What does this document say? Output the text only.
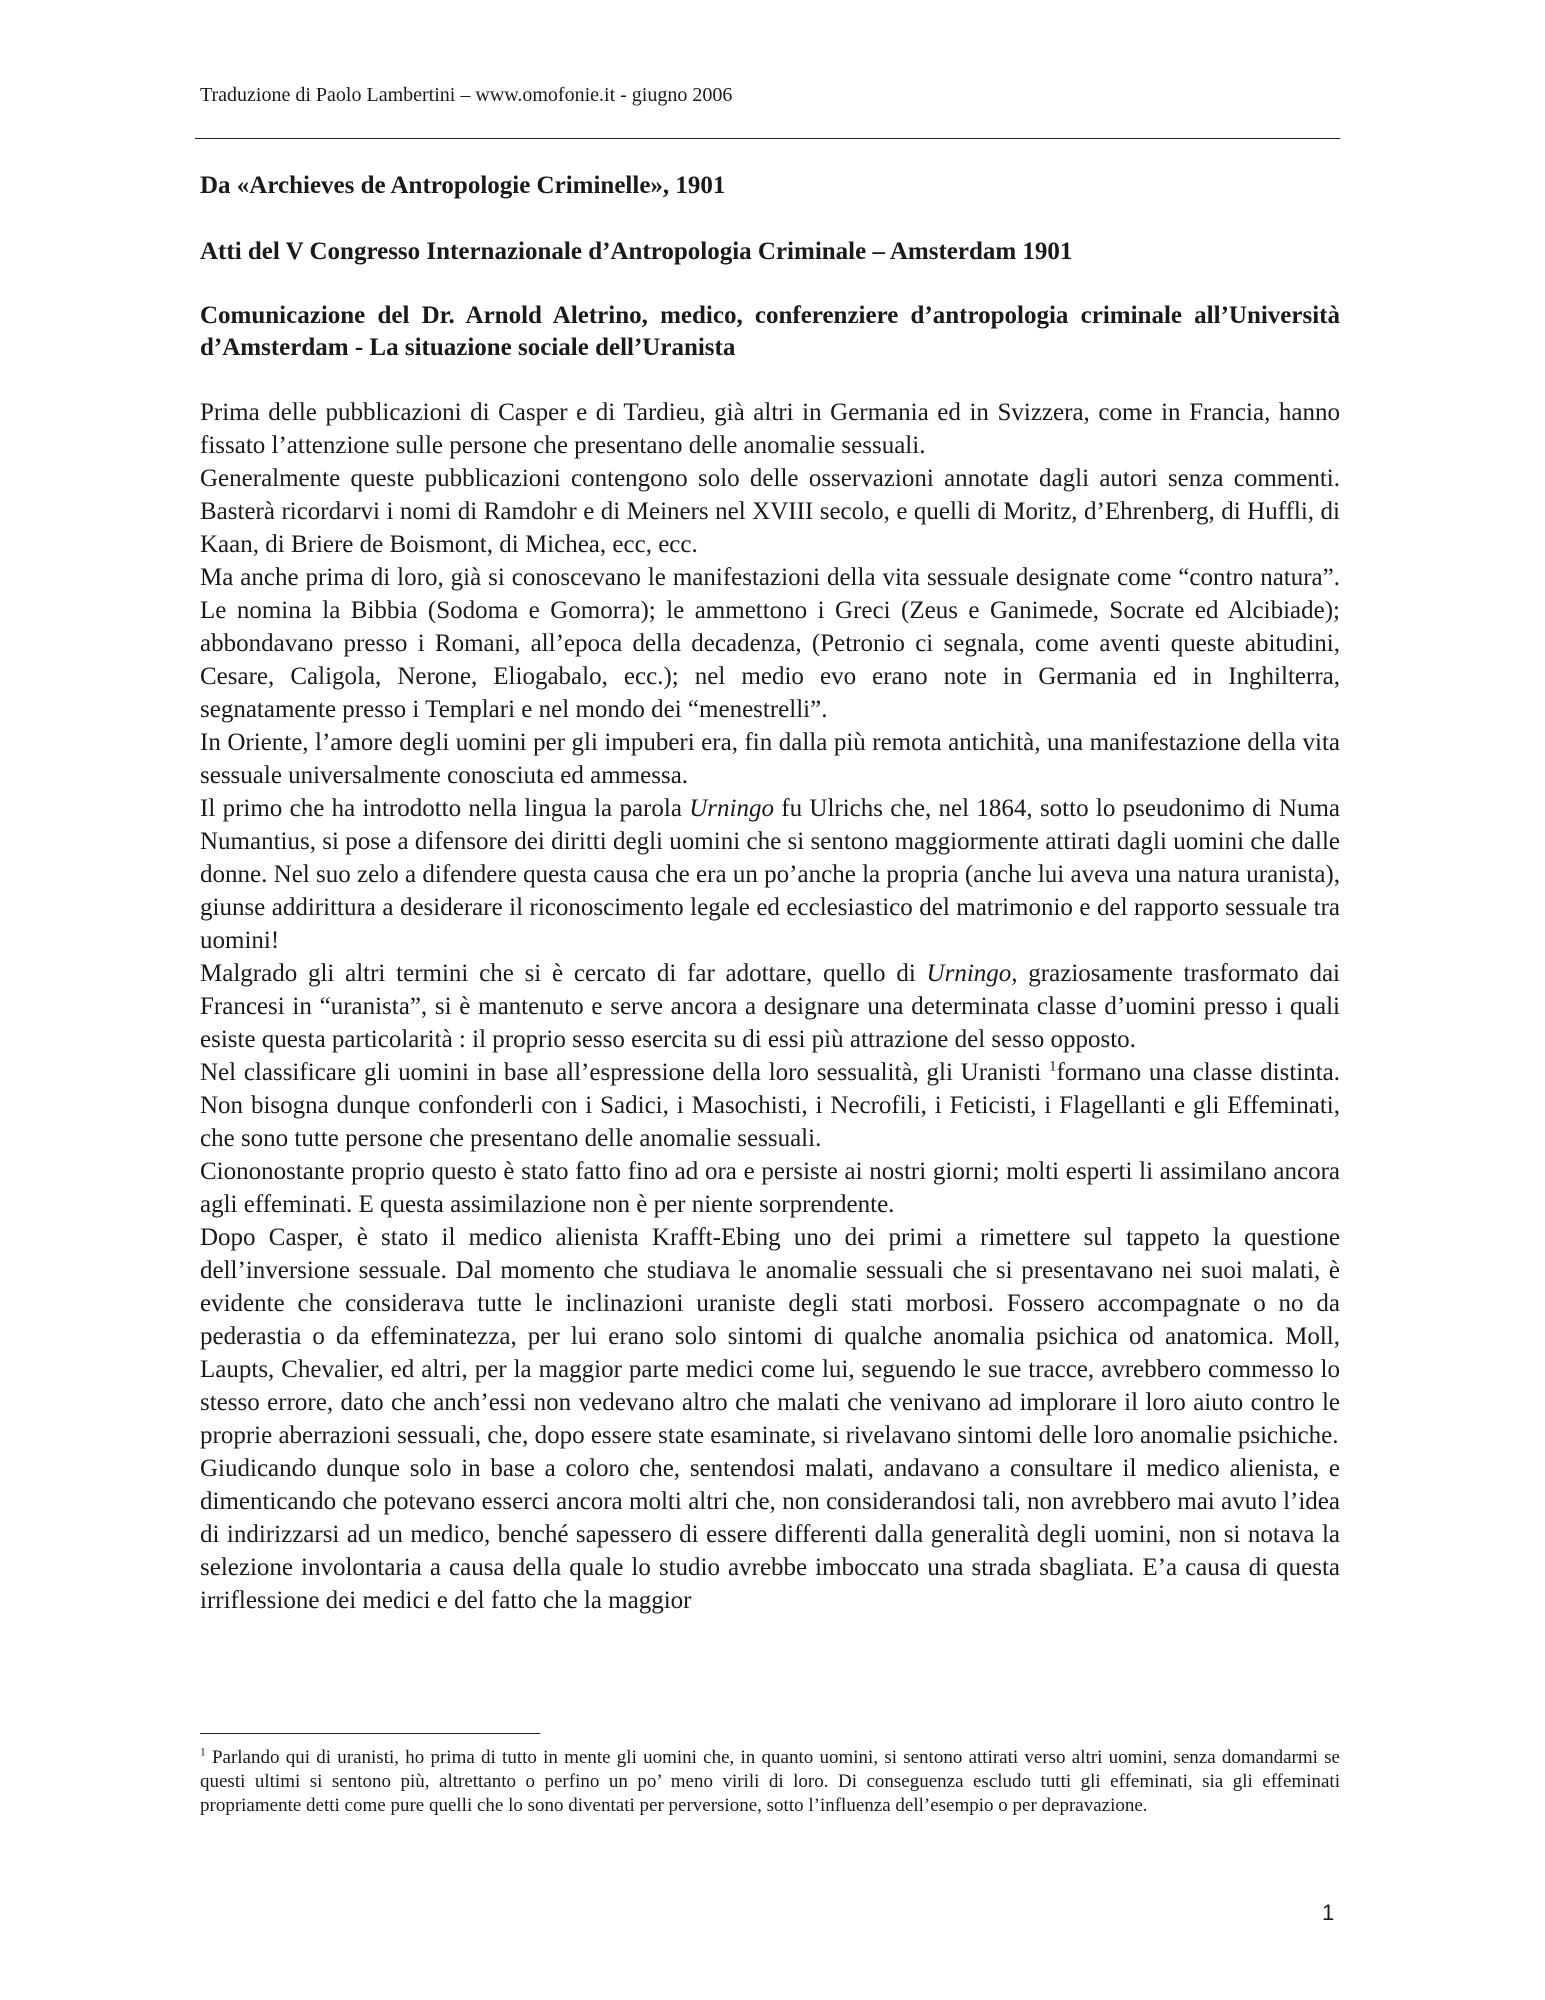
Traduzione di Paolo Lambertini – www.omofonie.it - giugno 2006
Da «Archieves de Antropologie Criminelle», 1901
Atti del V Congresso Internazionale d’Antropologia Criminale – Amsterdam 1901
Comunicazione del Dr. Arnold Aletrino, medico, conferenziere d’antropologia criminale all’Università d’Amsterdam - La situazione sociale dell’Uranista

Prima delle pubblicazioni di Casper e di Tardieu, già altri in Germania ed in Svizzera, come in Francia, hanno fissato l’attenzione sulle persone che presentano delle anomalie sessuali.

Generalmente queste pubblicazioni contengono solo delle osservazioni annotate dagli autori senza commenti. Basterà ricordarvi i nomi di Ramdohr e di Meiners nel XVIII secolo, e quelli di Moritz, d’Ehrenberg, di Huffli, di Kaan, di Briere de Boismont, di Michea, ecc, ecc.

Ma anche prima di loro, già si conoscevano le manifestazioni della vita sessuale designate come “contro natura”. Le nomina la Bibbia (Sodoma e Gomorra); le ammettono i Greci (Zeus e Ganimede, Socrate ed Alcibiade); abbondavano presso i Romani, all’epoca della decadenza, (Petronio ci segnala, come aventi queste abitudini, Cesare, Caligola, Nerone, Eliogabalo, ecc.); nel medio evo erano note in Germania ed in Inghilterra, segnatamente presso i Templari e nel mondo dei “menestrelli”.

In Oriente, l’amore degli uomini per gli impuberi era, fin dalla più remota antichità, una manifestazione della vita sessuale universalmente conosciuta ed ammessa.

Il primo che ha introdotto nella lingua la parola Urningo fu Ulrichs che, nel 1864, sotto lo pseudonimo di Numa Numantius, si pose a difensore dei diritti degli uomini che si sentono maggiormente attirati dagli uomini che dalle donne. Nel suo zelo a difendere questa causa che era un po’anche la propria (anche lui aveva una natura uranista), giunse addirittura a desiderare il riconoscimento legale ed ecclesiastico del matrimonio e del rapporto sessuale tra uomini!

Malgrado gli altri termini che si è cercato di far adottare, quello di Urningo, graziosamente trasformato dai Francesi in “uranista”, si è mantenuto e serve ancora a designare una determinata classe d’uomini presso i quali esiste questa particolarità : il proprio sesso esercita su di essi più attrazione del sesso opposto.

Nel classificare gli uomini in base all’espressione della loro sessualità, gli Uranisti $^1$formano una classe distinta. Non bisogna dunque confonderli con i Sadici, i Masochisti, i Necrofili, i Feticisti, i Flagellanti e gli Effeminati, che sono tutte persone che presentano delle anomalie sessuali.

Ciononostante proprio questo è stato fatto fino ad ora e persiste ai nostri giorni; molti esperti li assimilano ancora agli effeminati. E questa assimilazione non è per niente sorprendente.

Dopo Casper, è stato il medico alienista Krafft-Ebing uno dei primi a rimettere sul tappeto la questione dell’inversione sessuale. Dal momento che studiava le anomalie sessuali che si presentavano nei suoi malati, è evidente che considerava tutte le inclinazioni uraniste degli stati morbosi. Fossero accompagnate o no da pederastia o da effeminatezza, per lui erano solo sintomi di qualche anomalia psichica od anatomica. Moll, Laupts, Chevalier, ed altri, per la maggior parte medici come lui, seguendo le sue tracce, avrebbero commesso lo stesso errore, dato che anch’essi non vedevano altro che malati che venivano ad implorare il loro aiuto contro le proprie aberrazioni sessuali, che, dopo essere state esaminate, si rivelavano sintomi delle loro anomalie psichiche.

Giudicando dunque solo in base a coloro che, sentendosi malati, andavano a consultare il medico alienista, e dimenticando che potevano esserci ancora molti altri che, non considerandosi tali, non avrebbero mai avuto l’idea di indirizzarsi ad un medico, benché sapessero di essere differenti dalla generalità degli uomini, non si notava la selezione involontaria a causa della quale lo studio avrebbe imboccato una strada sbagliata. E’a causa di questa irriflessione dei medici e del fatto che la maggior

$^1$ Parlando qui di uranisti, ho prima di tutto in mente gli uomini che, in quanto uomini, si sentono attirati verso altri uomini, senza domandarmi se questi ultimi si sentono più, altrettanto o perfino un po’ meno virili di loro. Di conseguenza escludo tutti gli effeminati, sia gli effeminati propriamente detti come pure quelli che lo sono diventati per perversione, sotto l’influenza dell’esempio o per depravazione.

1
